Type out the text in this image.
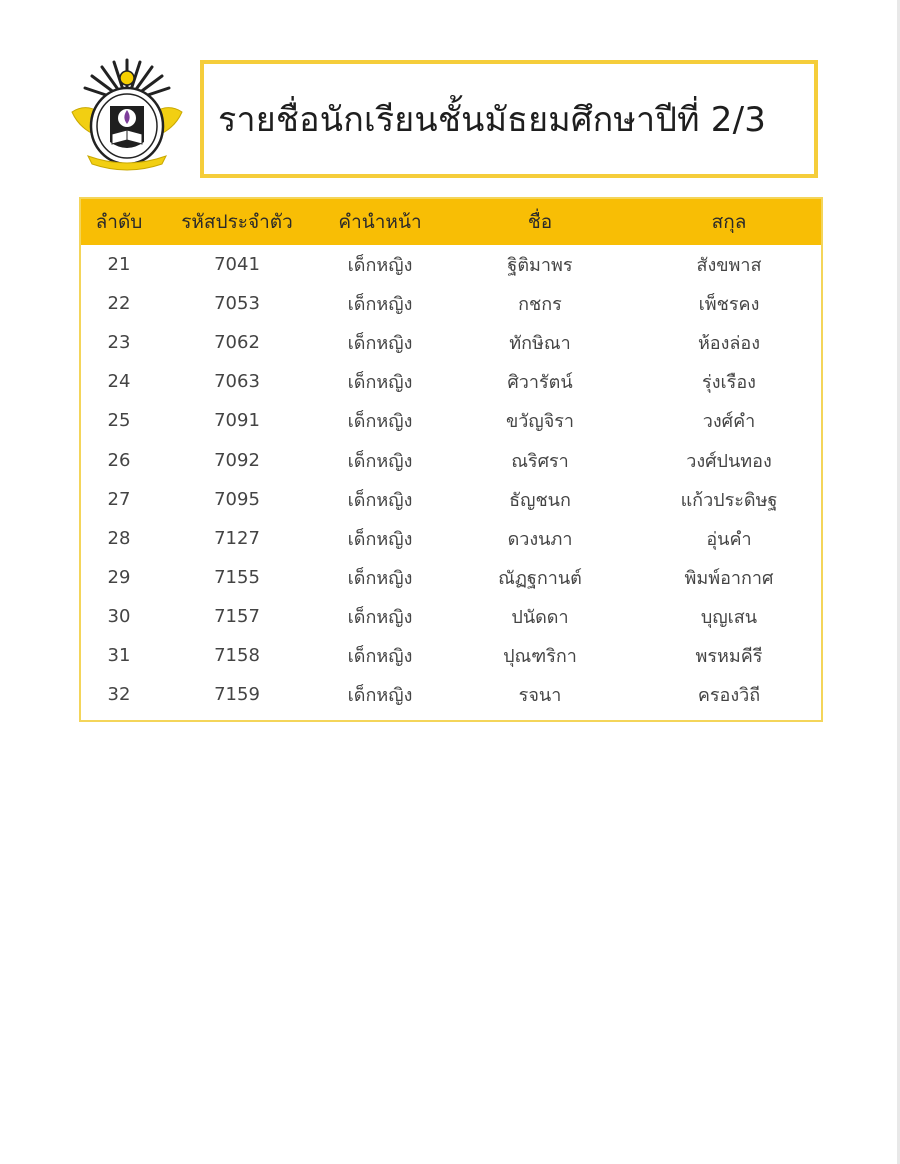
รายชื่อนักเรียนชั้นมัธยมศึกษาปีที่ 2/3
ลำดับ	รหัสประจำตัว	คำนำหน้า	ชื่อ	สกุล
21	7041	เด็กหญิง	ฐิติมาพร	สังขพาส
22	7053	เด็กหญิง	กชกร	เพ็ชรคง
23	7062	เด็กหญิง	ทักษิณา	ห้องล่อง
24	7063	เด็กหญิง	ศิวารัตน์	รุ่งเรือง
25	7091	เด็กหญิง	ขวัญจิรา	วงศ์คำ
26	7092	เด็กหญิง	ณริศรา	วงศ์ปนทอง
27	7095	เด็กหญิง	ธัญชนก	แก้วประดิษฐ
28	7127	เด็กหญิง	ดวงนภา	อุ่นคำ
29	7155	เด็กหญิง	ณัฏฐกานต์	พิมพ์อากาศ
30	7157	เด็กหญิง	ปนัดดา	บุญเสน
31	7158	เด็กหญิง	ปุณฑริกา	พรหมคีรี
32	7159	เด็กหญิง	รจนา	ครองวิถี
